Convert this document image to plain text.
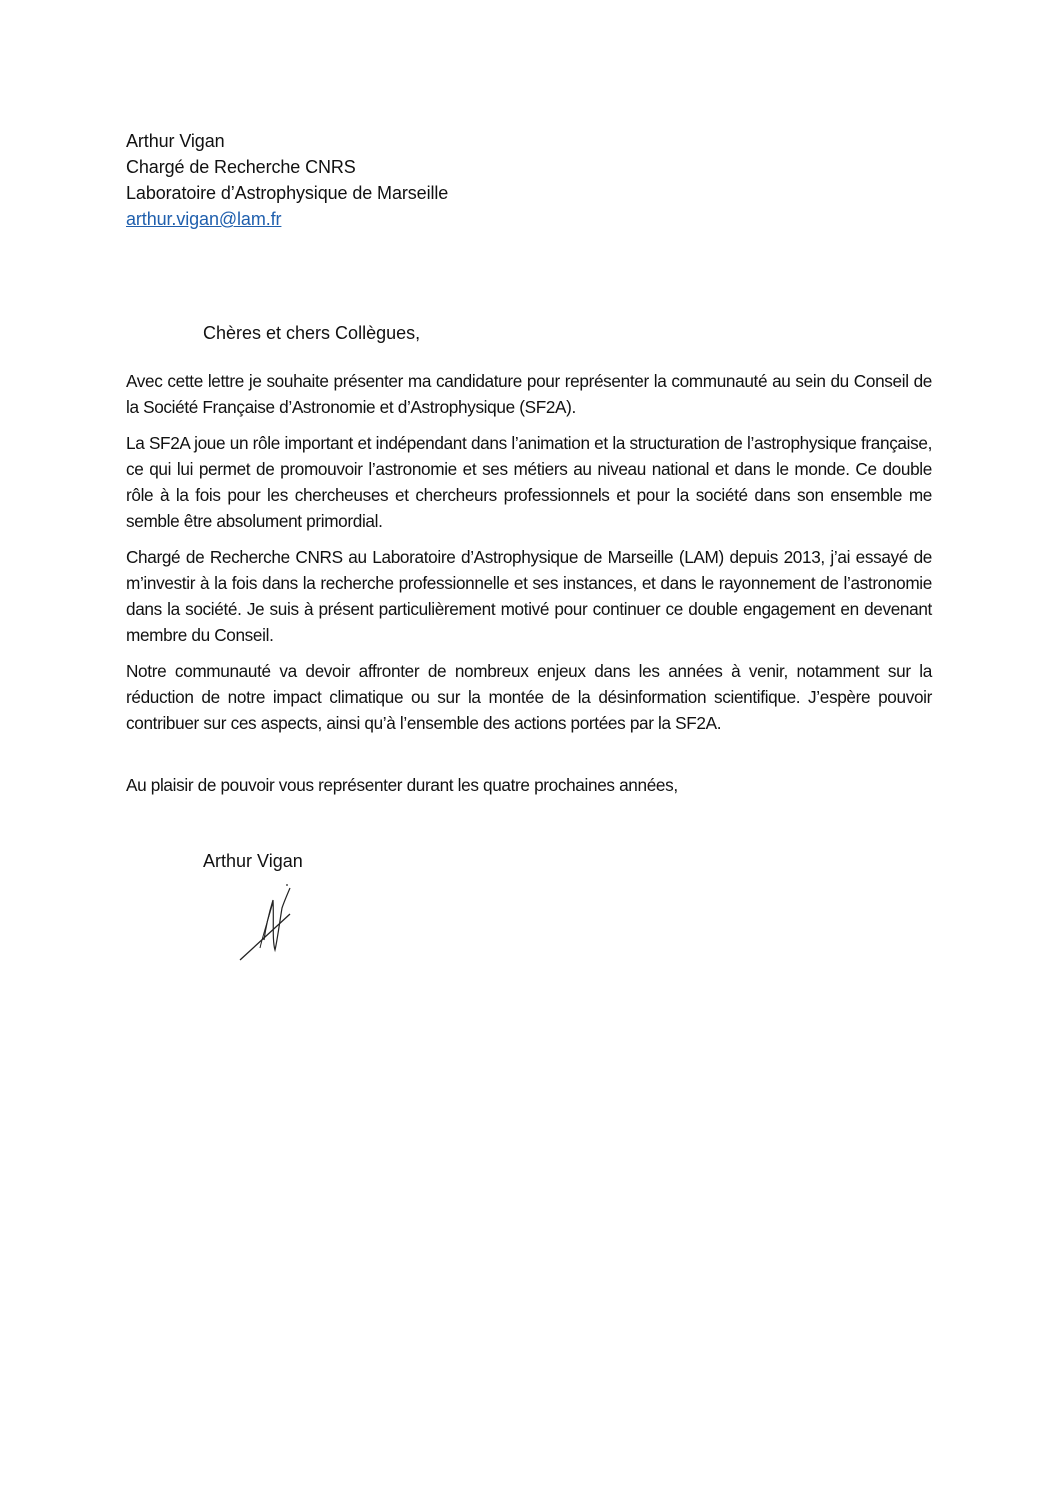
Arthur Vigan
Chargé de Recherche CNRS
Laboratoire d’Astrophysique de Marseille
arthur.vigan@lam.fr
Chères et chers Collègues,

Avec cette lettre je souhaite présenter ma candidature pour représenter la communauté au sein du Conseil de la Société Française d’Astronomie et d’Astrophysique (SF2A).

La SF2A joue un rôle important et indépendant dans l’animation et la structuration de l’astrophysique française, ce qui lui permet de promouvoir l’astronomie et ses métiers au niveau national et dans le monde. Ce double rôle à la fois pour les chercheuses et chercheurs professionnels et pour la société dans son ensemble me semble être absolument primordial.

Chargé de Recherche CNRS au Laboratoire d’Astrophysique de Marseille (LAM) depuis 2013, j’ai essayé de m’investir à la fois dans la recherche professionnelle et ses instances, et dans le rayonnement de l’astronomie dans la société. Je suis à présent particulièrement motivé pour continuer ce double engagement en devenant membre du Conseil.

Notre communauté va devoir affronter de nombreux enjeux dans les années à venir, notamment sur la réduction de notre impact climatique ou sur la montée de la désinformation scientifique. J’espère pouvoir contribuer sur ces aspects, ainsi qu’à l’ensemble des actions portées par la SF2A.

Au plaisir de pouvoir vous représenter durant les quatre prochaines années,
Arthur Vigan
